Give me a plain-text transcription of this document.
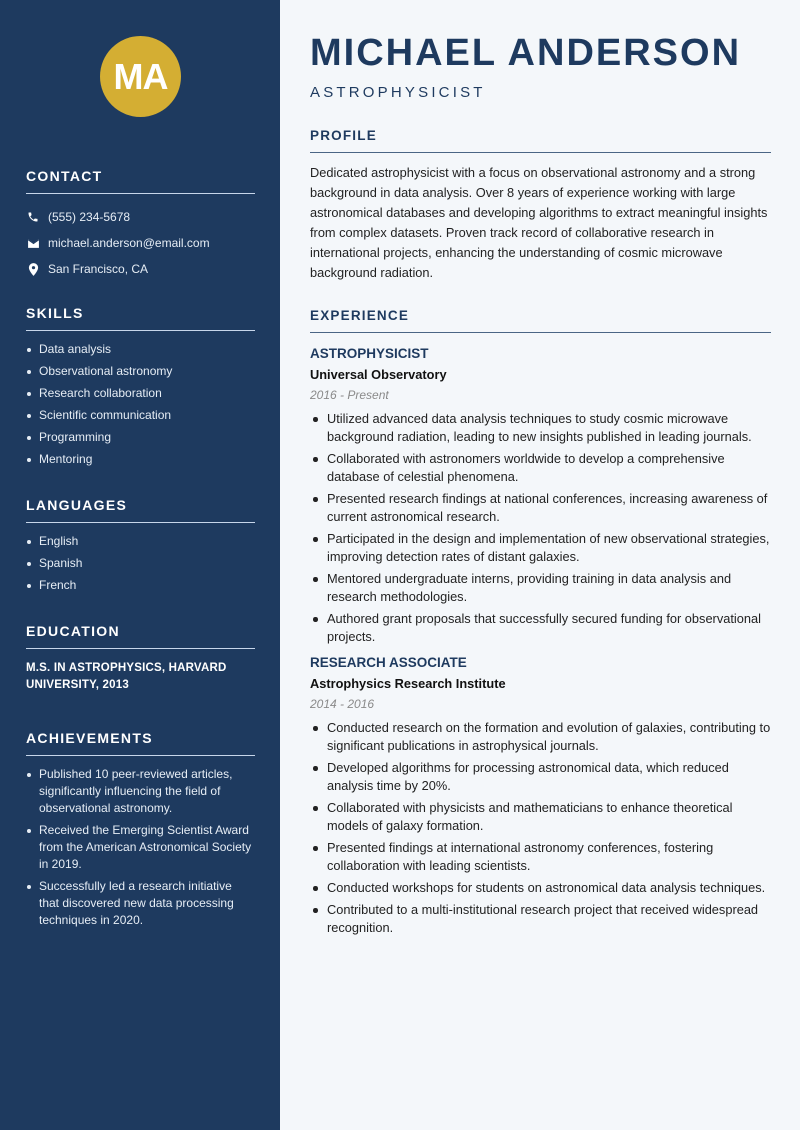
MA
CONTACT
(555) 234-5678
michael.anderson@email.com
San Francisco, CA
SKILLS
Data analysis
Observational astronomy
Research collaboration
Scientific communication
Programming
Mentoring
LANGUAGES
English
Spanish
French
EDUCATION

M.S. IN ASTROPHYSICS, HARVARD UNIVERSITY, 2013

ACHIEVEMENTS
Published 10 peer-reviewed articles, significantly influencing the field of observational astronomy.
Received the Emerging Scientist Award from the American Astronomical Society in 2019.
Successfully led a research initiative that discovered new data processing techniques in 2020.
MICHAEL ANDERSON
ASTROPHYSICIST
PROFILE

Dedicated astrophysicist with a focus on observational astronomy and a strong background in data analysis. Over 8 years of experience working with large astronomical databases and developing algorithms to extract meaningful insights from complex datasets. Proven track record of collaborative research in international projects, enhancing the understanding of cosmic microwave background radiation.

EXPERIENCE
ASTROPHYSICIST
Universal Observatory
2016 - Present
Utilized advanced data analysis techniques to study cosmic microwave background radiation, leading to new insights published in leading journals.
Collaborated with astronomers worldwide to develop a comprehensive database of celestial phenomena.
Presented research findings at national conferences, increasing awareness of current astronomical research.
Participated in the design and implementation of new observational strategies, improving detection rates of distant galaxies.
Mentored undergraduate interns, providing training in data analysis and research methodologies.
Authored grant proposals that successfully secured funding for observational projects.
RESEARCH ASSOCIATE
Astrophysics Research Institute
2014 - 2016
Conducted research on the formation and evolution of galaxies, contributing to significant publications in astrophysical journals.
Developed algorithms for processing astronomical data, which reduced analysis time by 20%.
Collaborated with physicists and mathematicians to enhance theoretical models of galaxy formation.
Presented findings at international astronomy conferences, fostering collaboration with leading scientists.
Conducted workshops for students on astronomical data analysis techniques.
Contributed to a multi-institutional research project that received widespread recognition.
